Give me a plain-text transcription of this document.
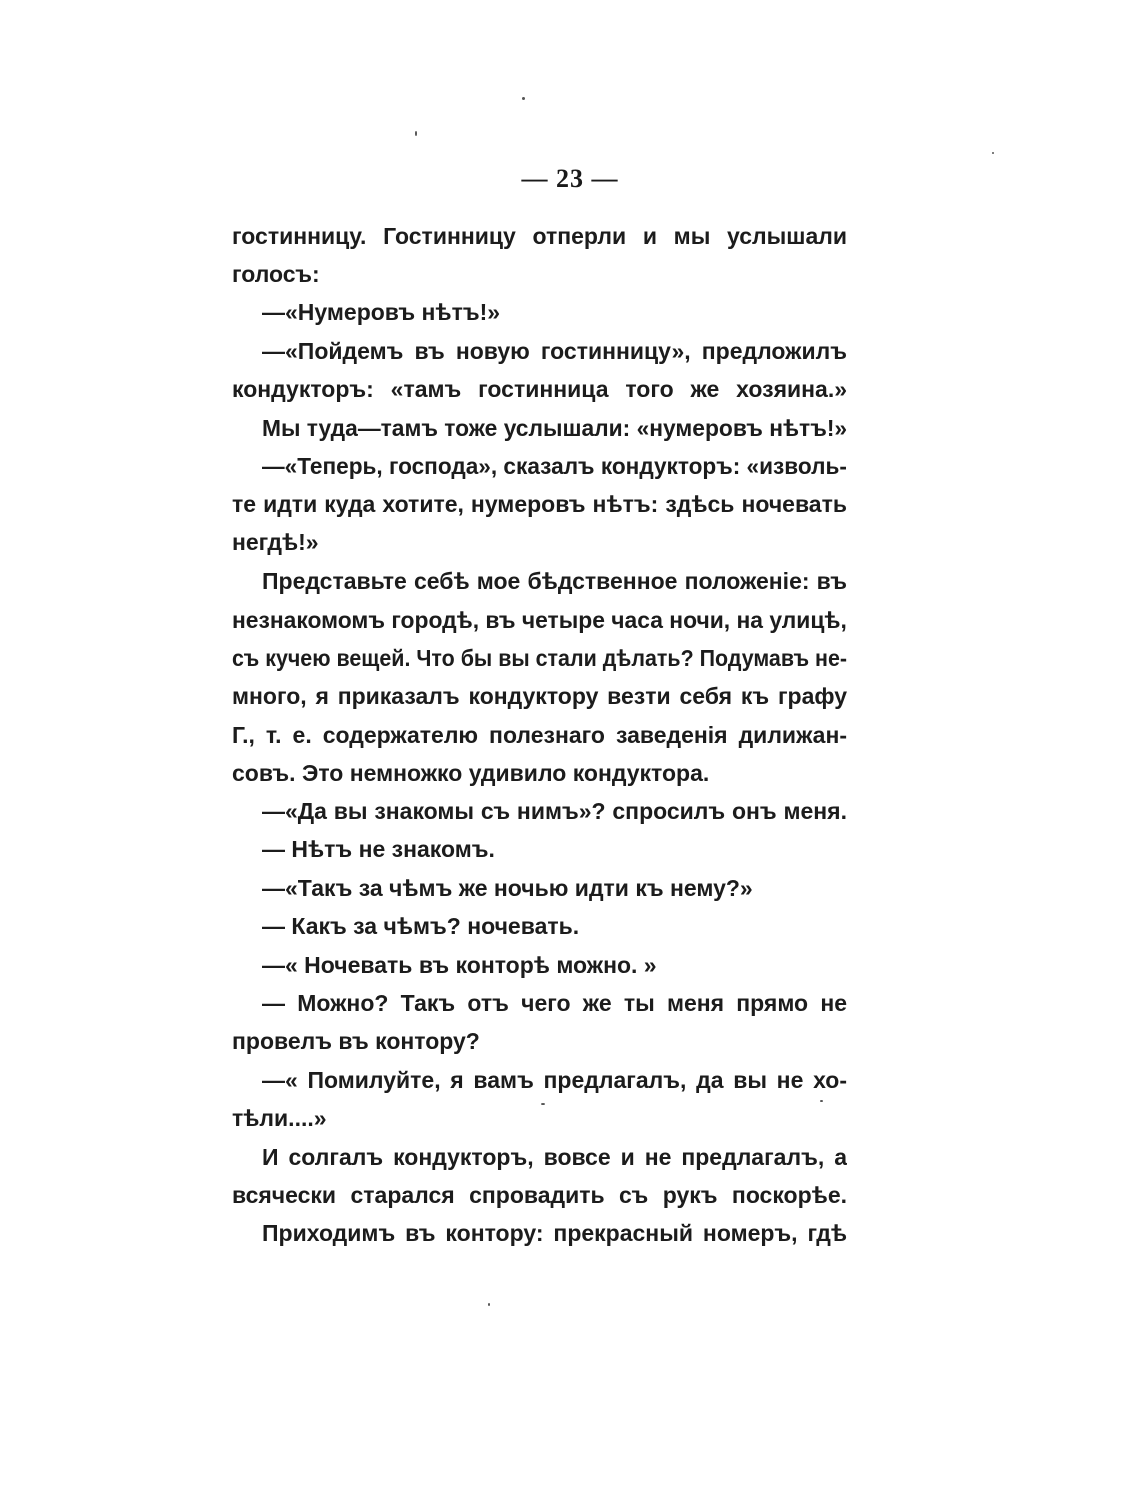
— 23 —
гостинницу. Гостинницу отперли и мы услышали
голосъ:
—«Нумеровъ нѣтъ!»
—«Пойдемъ въ новую гостинницу», предложилъ
кондукторъ: «тамъ гостинница того же хозяина.»
Мы туда—тамъ тоже услышали: «нумеровъ нѣтъ!»
—«Теперь, господа», сказалъ кондукторъ: «изволь-
те идти куда хотите, нумеровъ нѣтъ: здѣсь ночевать
негдѣ!»
Представьте себѣ мое бѣдственное положенiе: въ
незнакомомъ городѣ, въ четыре часа ночи, на улицѣ,
съ кучею вещей. Что бы вы стали дѣлать? Подумавъ не-
много, я приказалъ кондуктору везти себя къ графу
Г., т. е. содержателю полезнаго заведенiя дилижан-
совъ. Это немножко удивило кондуктора.
—«Да вы знакомы съ нимъ»? спросилъ онъ меня.
— Нѣтъ не знакомъ.
—«Такъ за чѣмъ же ночью идти къ нему?»
— Какъ за чѣмъ? ночевать.
—« Ночевать въ конторѣ можно. »
— Можно? Такъ отъ чего же ты меня прямо не
провелъ въ контору?
—« Помилуйте, я вамъ предлагалъ, да вы не хо-
тѣли....»
И солгалъ кондукторъ, вовсе и не предлагалъ, а
всячески старался спровадить съ рукъ поскорѣе.
Приходимъ въ контору: прекрасный номеръ, гдѣ
